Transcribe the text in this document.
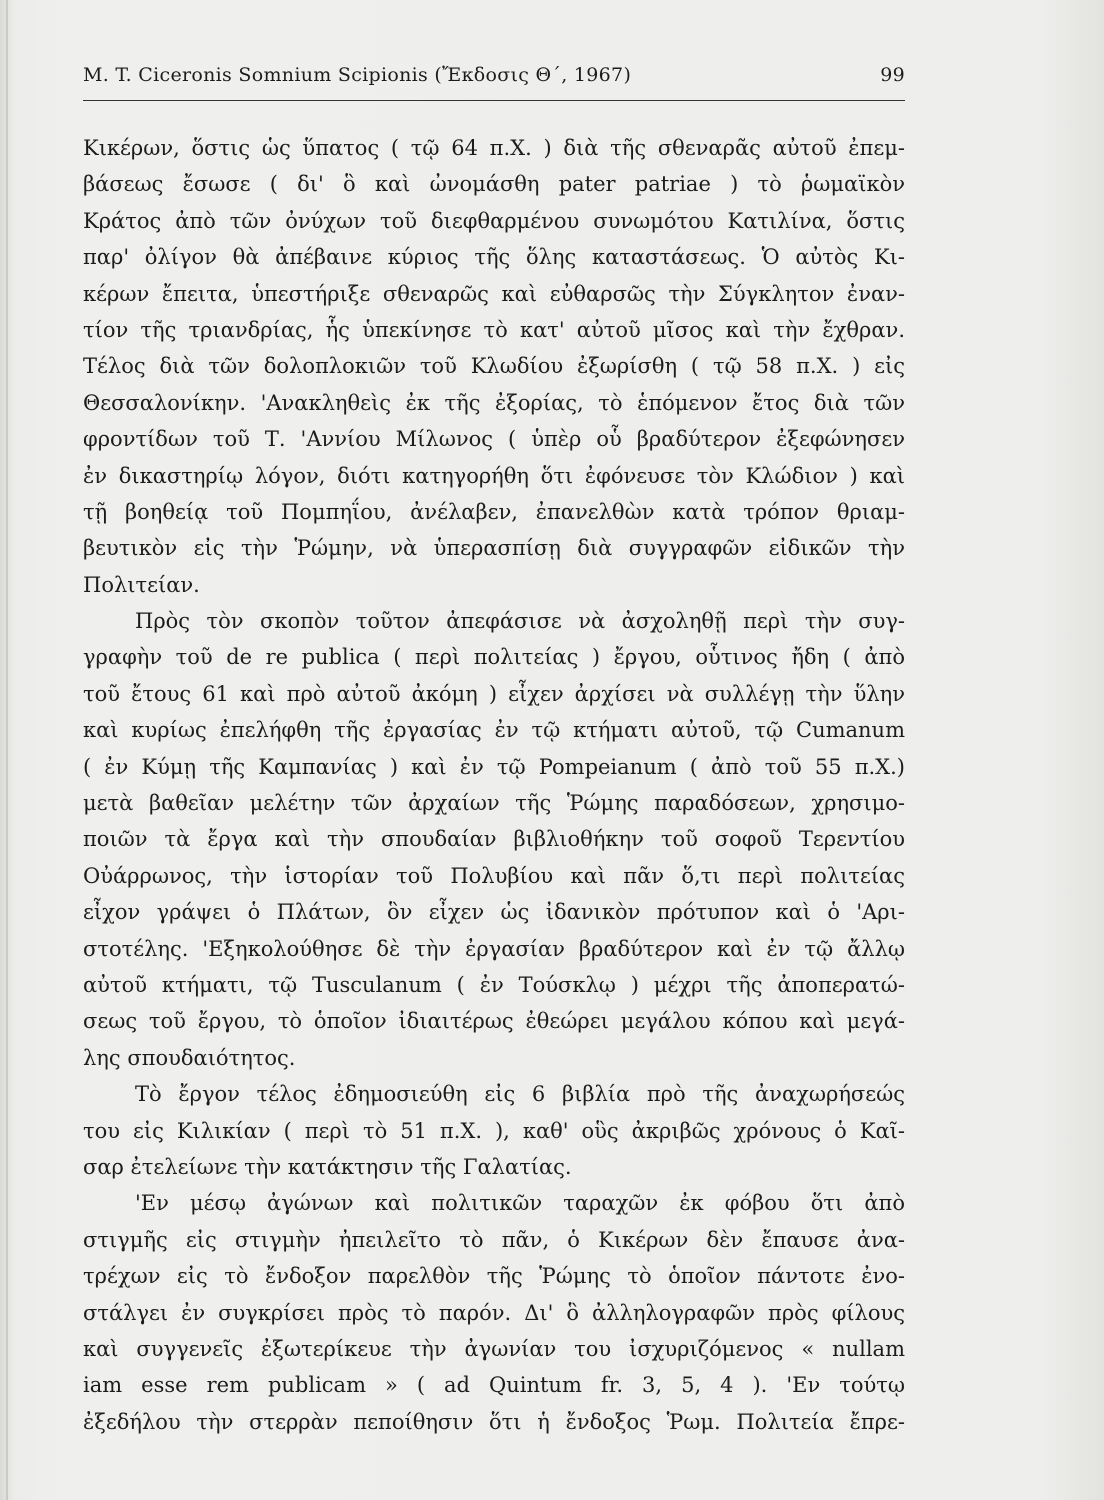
M. T. Ciceronis Somnium Scipionis (Ἔκδοσις Θ΄, 1967)	99
Κικέρων, ὅστις ὡς ὕπατος ( τῷ 64 π.Χ. ) διὰ τῆς σθεναρᾶς αὐτοῦ ἐπεμ-
βάσεως ἔσωσε ( δι' ὃ καὶ ὠνομάσθη pater patriae ) τὸ ῥωμαϊκὸν
Κράτος ἀπὸ τῶν ὀνύχων τοῦ διεφθαρμένου συνωμότου Κατιλίνα, ὅστις
παρ' ὀλίγον θὰ ἀπέβαινε κύριος τῆς ὅλης καταστάσεως. Ὁ αὐτὸς Κι-
κέρων ἔπειτα, ὑπεστήριξε σθεναρῶς καὶ εὐθαρσῶς τὴν Σύγκλητον ἐναν-
τίον τῆς τριανδρίας, ἧς ὑπεκίνησε τὸ κατ' αὐτοῦ μῖσος καὶ τὴν ἔχθραν.
Τέλος διὰ τῶν δολοπλοκιῶν τοῦ Κλωδίου ἐξωρίσθη ( τῷ 58 π.Χ. ) εἰς
Θεσσαλονίκην. 'Ανακληθεὶς ἐκ τῆς ἐξορίας, τὸ ἑπόμενον ἔτος διὰ τῶν
φροντίδων τοῦ Τ. 'Αννίου Μίλωνος ( ὑπὲρ οὗ βραδύτερον ἐξεφώνησεν
ἐν δικαστηρίῳ λόγον, διότι κατηγορήθη ὅτι ἐφόνευσε τὸν Κλώδιον ) καὶ
τῇ βοηθείᾳ τοῦ Πομπηΐου, ἀνέλαβεν, ἐπανελθὼν κατὰ τρόπον θριαμ-
βευτικὸν εἰς τὴν Ῥώμην, νὰ ὑπερασπίσῃ διὰ συγγραφῶν εἰδικῶν τὴν
Πολιτείαν.
Πρὸς τὸν σκοπὸν τοῦτον ἀπεφάσισε νὰ ἀσχοληθῇ περὶ τὴν συγ-
γραφὴν τοῦ de re publica ( περὶ πολιτείας ) ἔργου, οὗτινος ἤδη ( ἀπὸ
τοῦ ἔτους 61 καὶ πρὸ αὐτοῦ ἀκόμη ) εἶχεν ἀρχίσει νὰ συλλέγῃ τὴν ὕλην
καὶ κυρίως ἐπελήφθη τῆς ἐργασίας ἐν τῷ κτήματι αὐτοῦ, τῷ Cumanum
( ἐν Κύμῃ τῆς Καμπανίας ) καὶ ἐν τῷ Pompeianum ( ἀπὸ τοῦ 55 π.Χ.)
μετὰ βαθεῖαν μελέτην τῶν ἀρχαίων τῆς Ῥώμης παραδόσεων, χρησιμο-
ποιῶν τὰ ἔργα καὶ τὴν σπουδαίαν βιβλιοθήκην τοῦ σοφοῦ Τερεντίου
Οὐάρρωνος, τὴν ἱστορίαν τοῦ Πολυβίου καὶ πᾶν ὅ,τι περὶ πολιτείας
εἶχον γράψει ὁ Πλάτων, ὃν εἶχεν ὡς ἰδανικὸν πρότυπον καὶ ὁ 'Αρι-
στοτέλης. 'Εξηκολούθησε δὲ τὴν ἐργασίαν βραδύτερον καὶ ἐν τῷ ἄλλῳ
αὐτοῦ κτήματι, τῷ Tusculanum ( ἐν Τούσκλῳ ) μέχρι τῆς ἀποπερατώ-
σεως τοῦ ἔργου, τὸ ὁποῖον ἰδιαιτέρως ἐθεώρει μεγάλου κόπου καὶ μεγά-
λης σπουδαιότητος.
Τὸ ἔργον τέλος ἐδημοσιεύθη εἰς 6 βιβλία πρὸ τῆς ἀναχωρήσεώς
του εἰς Κιλικίαν ( περὶ τὸ 51 π.Χ. ), καθ' οὓς ἀκριβῶς χρόνους ὁ Καῖ-
σαρ ἐτελείωνε τὴν κατάκτησιν τῆς Γαλατίας.
'Εν μέσῳ ἀγώνων καὶ πολιτικῶν ταραχῶν ἐκ φόβου ὅτι ἀπὸ
στιγμῆς εἰς στιγμὴν ἠπειλεῖτο τὸ πᾶν, ὁ Κικέρων δὲν ἔπαυσε ἀνα-
τρέχων εἰς τὸ ἔνδοξον παρελθὸν τῆς Ῥώμης τὸ ὁποῖον πάντοτε ἐνο-
στάλγει ἐν συγκρίσει πρὸς τὸ παρόν. Δι' ὃ ἀλληλογραφῶν πρὸς φίλους
καὶ συγγενεῖς ἐξωτερίκευε τὴν ἀγωνίαν του ἰσχυριζόμενος « nullam
iam esse rem publicam » ( ad Quintum fr. 3, 5, 4 ). 'Εν τούτῳ
ἐξεδήλου τὴν στερρὰν πεποίθησιν ὅτι ἡ ἔνδοξος Ῥωμ. Πολιτεία ἔπρε-
